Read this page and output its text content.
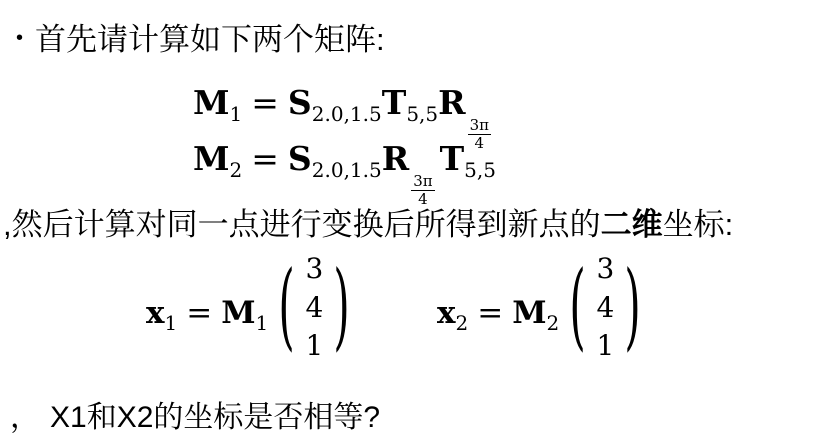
• 首先请计算如下两个矩阵:
$M_1 = S_{2.0,1.5}T_{5,5}R$
$\frac{3\pi}{4}$
$M_2 = S_{2.0,1.5}R$
$\frac{3\pi}{4}$
$T_{5,5}$
,然后计算对同一点进行变换后所得到新点的二维坐标:
$x_1 = M_1$ ( 3
4
1 )	$x_2 = M_2$ ( 3
4
1 )
， X1和X2的坐标是否相等?
